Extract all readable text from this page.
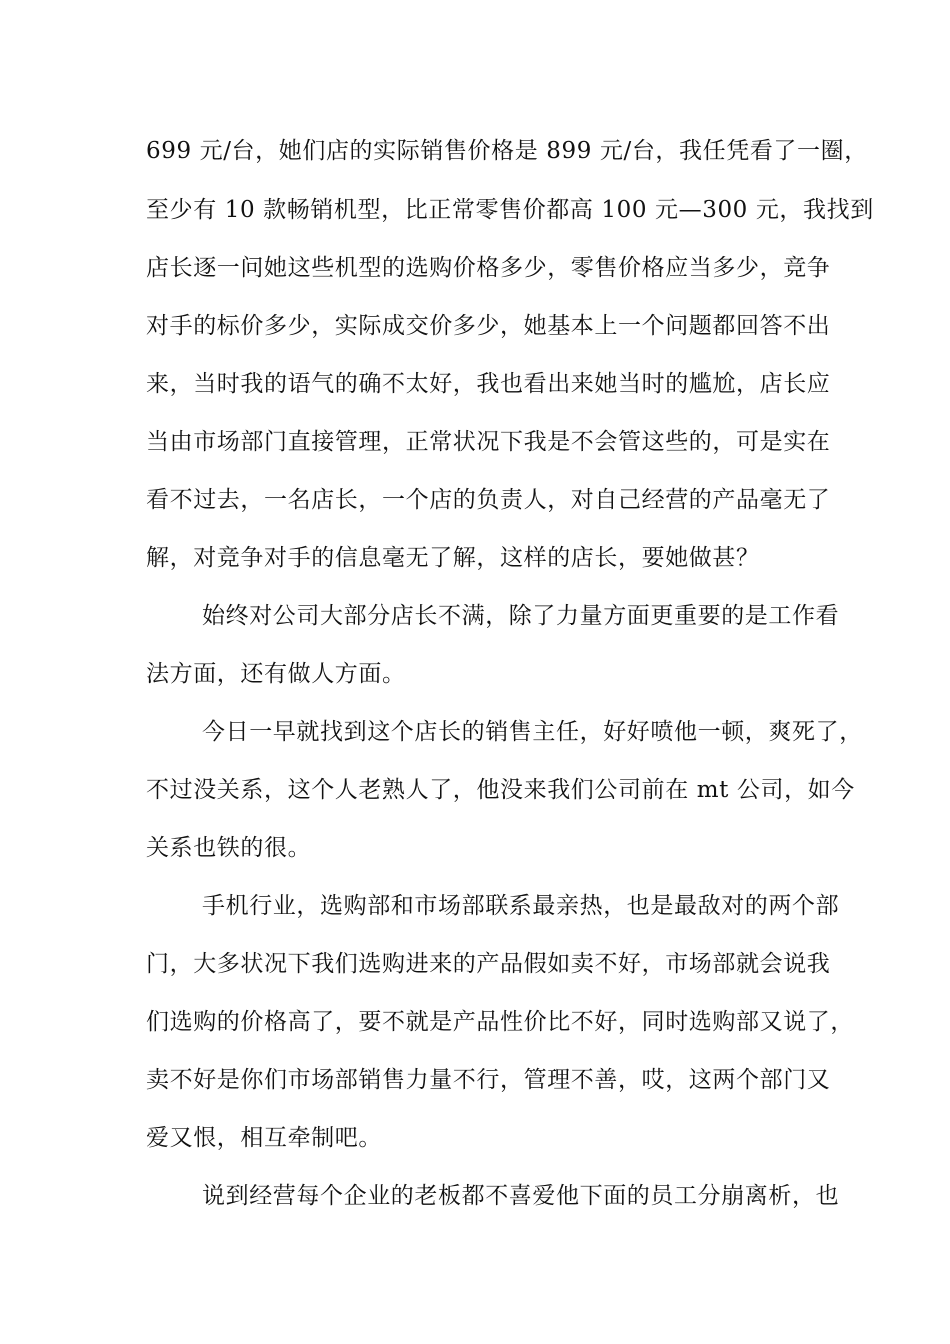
699 元/台，她们店的实际销售价格是 899 元/台，我任凭看了一圈，
至少有 10 款畅销机型，比正常零售价都高 100 元—300 元，我找到
店长逐一问她这些机型的选购价格多少，零售价格应当多少，竞争
对手的标价多少，实际成交价多少，她基本上一个问题都回答不出
来，当时我的语气的确不太好，我也看出来她当时的尴尬，店长应
当由市场部门直接管理，正常状况下我是不会管这些的，可是实在
看不过去，一名店长，一个店的负责人，对自己经营的产品毫无了
解，对竞争对手的信息毫无了解，这样的店长，要她做甚？
始终对公司大部分店长不满，除了力量方面更重要的是工作看
法方面，还有做人方面。
今日一早就找到这个店长的销售主任，好好喷他一顿，爽死了，
不过没关系，这个人老熟人了，他没来我们公司前在 mt 公司，如今
关系也铁的很。
手机行业，选购部和市场部联系最亲热，也是最敌对的两个部
门，大多状况下我们选购进来的产品假如卖不好，市场部就会说我
们选购的价格高了，要不就是产品性价比不好，同时选购部又说了，
卖不好是你们市场部销售力量不行，管理不善，哎，这两个部门又
爱又恨，相互牵制吧。
说到经营每个企业的老板都不喜爱他下面的员工分崩离析，也
